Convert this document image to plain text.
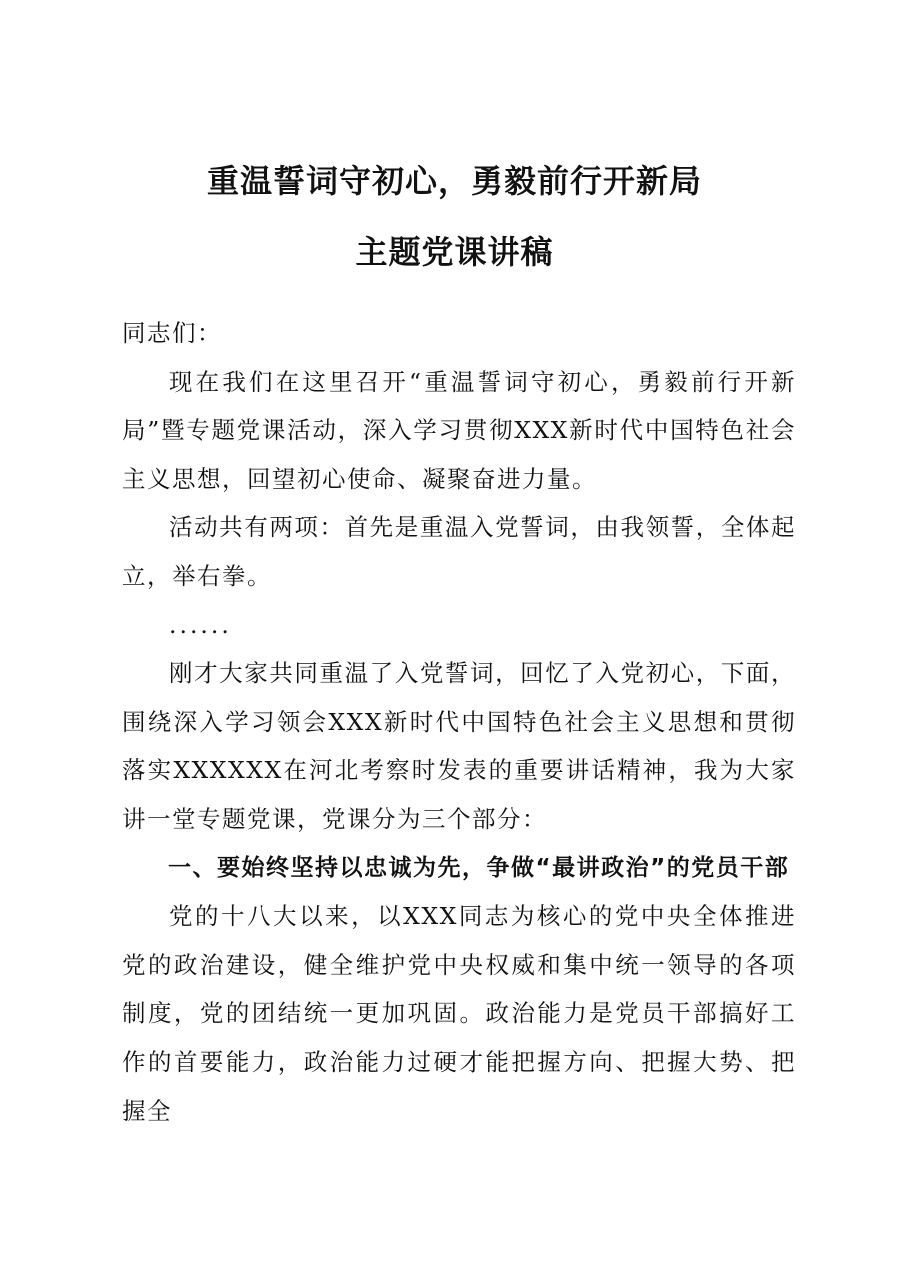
重温誓词守初心，勇毅前行开新局
主题党课讲稿

同志们：

现在我们在这里召开“重温誓词守初心，勇毅前行开新局”暨专题党课活动，深入学习贯彻XXX新时代中国特色社会主义思想，回望初心使命、凝聚奋进力量。

活动共有两项：首先是重温入党誓词，由我领誓，全体起立，举右拳。

......

刚才大家共同重温了入党誓词，回忆了入党初心，下面，围绕深入学习领会XXX新时代中国特色社会主义思想和贯彻落实XXXXXX在河北考察时发表的重要讲话精神，我为大家讲一堂专题党课，党课分为三个部分：

一、要始终坚持以忠诚为先，争做“最讲政治”的党员干部

党的十八大以来，以XXX同志为核心的党中央全体推进党的政治建设，健全维护党中央权威和集中统一领导的各项制度，党的团结统一更加巩固。政治能力是党员干部搞好工作的首要能力，政治能力过硬才能把握方向、把握大势、把握全
